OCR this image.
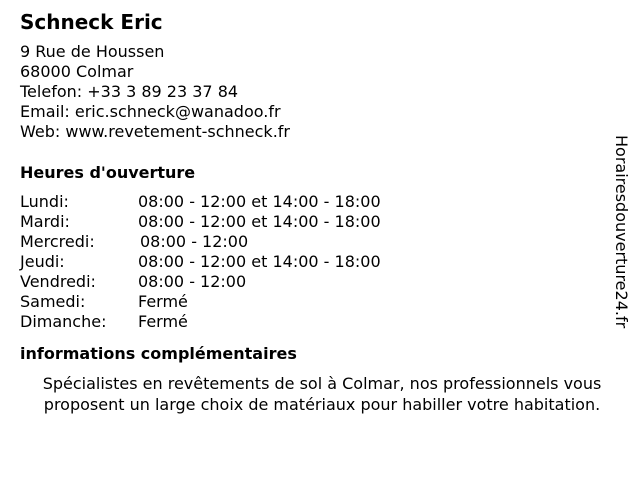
Schneck Eric
9 Rue de Houssen
68000 Colmar
Telefon: +33 3 89 23 37 84
Email: eric.schneck@wanadoo.fr
Web: www.revetement-schneck.fr
Heures d'ouverture
Lundi:	08:00 - 12:00 et 14:00 - 18:00
Mardi:	08:00 - 12:00 et 14:00 - 18:00
Mercredi:	08:00 - 12:00
Jeudi:	08:00 - 12:00 et 14:00 - 18:00
Vendredi:	08:00 - 12:00
Samedi:	Fermé
Dimanche:	Fermé
informations complémentaires
Spécialistes en revêtements de sol à Colmar, nos professionnels vous proposent un large choix de matériaux pour habiller votre habitation.
Horairesdouverture24.fr
